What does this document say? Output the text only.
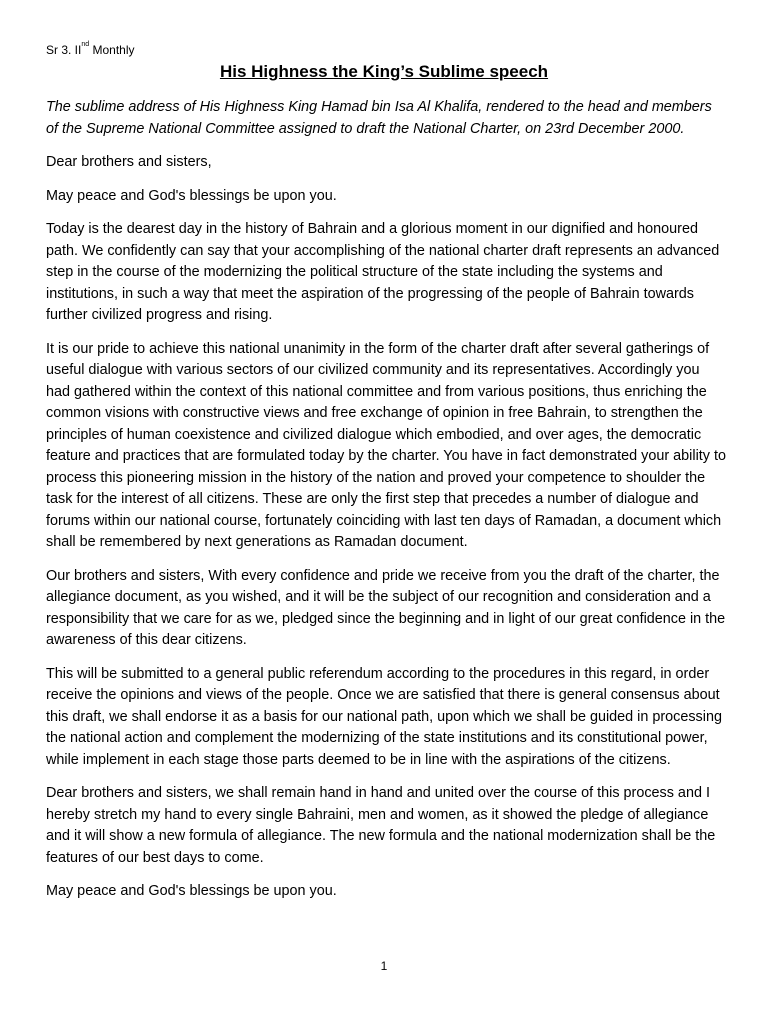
Sr 3. IInd Monthly
His Highness the King’s Sublime speech

The sublime address of His Highness King Hamad bin Isa Al Khalifa, rendered to the head and members of the Supreme National Committee assigned to draft the National Charter, on 23rd December 2000.

Dear brothers and sisters,

May peace and God's blessings be upon you.

Today is the dearest day in the history of Bahrain and a glorious moment in our dignified and honoured path. We confidently can say that your accomplishing of the national charter draft represents an advanced step in the course of the modernizing the political structure of the state including the systems and institutions, in such a way that meet the aspiration of the progressing of the people of Bahrain towards further civilized progress and rising.

It is our pride to achieve this national unanimity in the form of the charter draft after several gatherings of useful dialogue with various sectors of our civilized community and its representatives. Accordingly you had gathered within the context of this national committee and from various positions, thus enriching the common visions with constructive views and free exchange of opinion in free Bahrain, to strengthen the principles of human coexistence and civilized dialogue which embodied, and over ages, the democratic feature and practices that are formulated today by the charter. You have in fact demonstrated your ability to process this pioneering mission in the history of the nation and proved your competence to shoulder the task for the interest of all citizens. These are only the first step that precedes a number of dialogue and forums within our national course, fortunately coinciding with last ten days of Ramadan, a document which shall be remembered by next generations as Ramadan document.

Our brothers and sisters, With every confidence and pride we receive from you the draft of the charter, the allegiance document, as you wished, and it will be the subject of our recognition and consideration and a responsibility that we care for as we, pledged since the beginning and in light of our great confidence in the awareness of this dear citizens.

This will be submitted to a general public referendum according to the procedures in this regard, in order receive the opinions and views of the people. Once we are satisfied that there is general consensus about this draft, we shall endorse it as a basis for our national path, upon which we shall be guided in processing the national action and complement the modernizing of the state institutions and its constitutional power, while implement in each stage those parts deemed to be in line with the aspirations of the citizens.

Dear brothers and sisters, we shall remain hand in hand and united over the course of this process and I hereby stretch my hand to every single Bahraini, men and women, as it showed the pledge of allegiance and it will show a new formula of allegiance. The new formula and the national modernization shall be the features of our best days to come.

May peace and God's blessings be upon you.

1
